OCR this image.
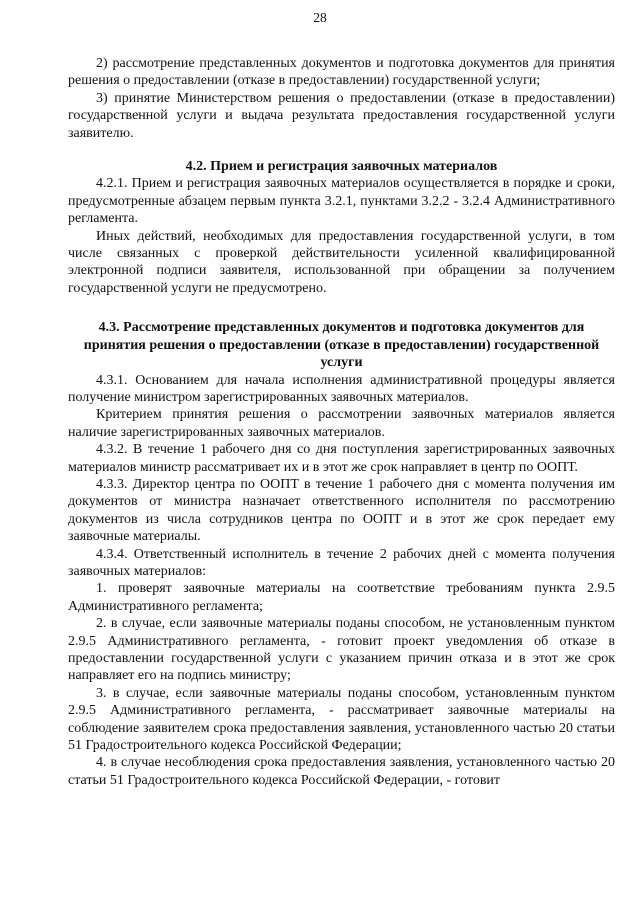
28

2) рассмотрение представленных документов и подготовка документов для принятия решения о предоставлении (отказе в предоставлении) государственной услуги;

3) принятие Министерством решения о предоставлении (отказе в предоставлении) государственной услуги и выдача результата предоставления государственной услуги заявителю.

4.2. Прием и регистрация заявочных материалов

4.2.1. Прием и регистрация заявочных материалов осуществляется в порядке и сроки, предусмотренные абзацем первым пункта 3.2.1, пунктами 3.2.2 - 3.2.4 Административного регламента.

Иных действий, необходимых для предоставления государственной услуги, в том числе связанных с проверкой действительности усиленной квалифицированной электронной подписи заявителя, использованной при обращении за получением государственной услуги не предусмотрено.

4.3. Рассмотрение представленных документов и подготовка документов для принятия решения о предоставлении (отказе в предоставлении) государственной услуги

4.3.1. Основанием для начала исполнения административной процедуры является получение министром зарегистрированных заявочных материалов.

Критерием принятия решения о рассмотрении заявочных материалов является наличие зарегистрированных заявочных материалов.

4.3.2. В течение 1 рабочего дня со дня поступления зарегистрированных заявочных материалов министр рассматривает их и в этот же срок направляет в центр по ООПТ.

4.3.3. Директор центра по ООПТ в течение 1 рабочего дня с момента получения им документов от министра назначает ответственного исполнителя по рассмотрению документов из числа сотрудников центра по ООПТ и в этот же срок передает ему заявочные материалы.

4.3.4. Ответственный исполнитель в течение 2 рабочих дней с момента получения заявочных материалов:

1. проверят заявочные материалы на соответствие требованиям пункта 2.9.5 Административного регламента;

2. в случае, если заявочные материалы поданы способом, не установленным пунктом 2.9.5 Административного регламента, - готовит проект уведомления об отказе в предоставлении государственной услуги с указанием причин отказа и в этот же срок направляет его на подпись министру;

3. в случае, если заявочные материалы поданы способом, установленным пунктом 2.9.5 Административного регламента, - рассматривает заявочные материалы на соблюдение заявителем срока предоставления заявления, установленного частью 20 статьи 51 Градостроительного кодекса Российской Федерации;

4. в случае несоблюдения срока предоставления заявления, установленного частью 20 статьи 51 Градостроительного кодекса Российской Федерации, - готовит
